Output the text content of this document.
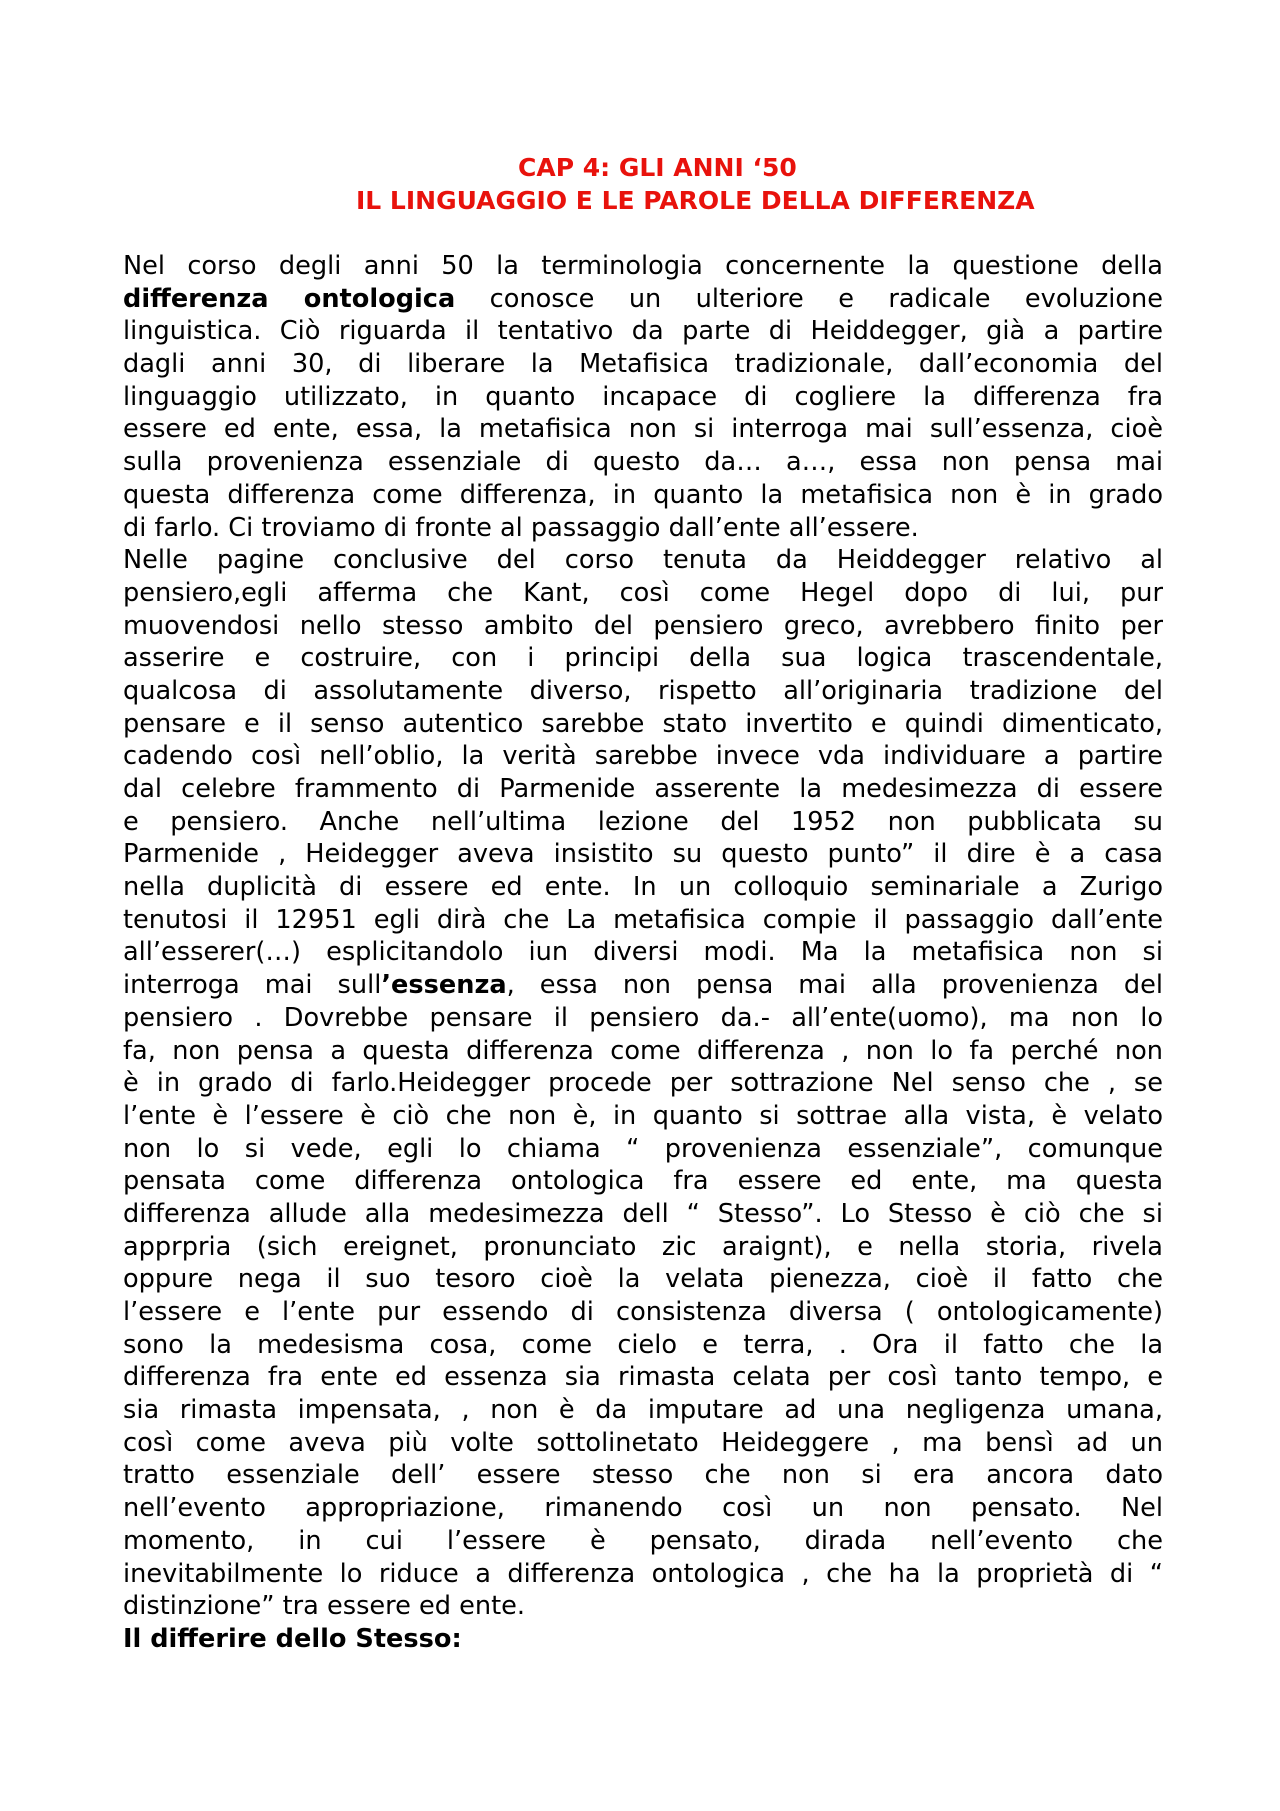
CAP 4: GLI ANNI ‘50
IL LINGUAGGIO E LE PAROLE DELLA DIFFERENZA
Nel corso degli anni 50 la terminologia concernente la questione della
differenza ontologica conosce un ulteriore e radicale evoluzione
linguistica. Ciò riguarda il tentativo da parte di Heiddegger, già a partire
dagli anni 30, di liberare la Metafisica tradizionale, dall’economia del
linguaggio utilizzato, in quanto incapace di cogliere la differenza fra
essere ed ente, essa, la metafisica non si interroga mai sull’essenza, cioè
sulla provenienza essenziale di questo da… a…, essa non pensa mai
questa differenza come differenza, in quanto la metafisica non è in grado
di farlo. Ci troviamo di fronte al passaggio dall’ente all’essere.
Nelle pagine conclusive del corso tenuta da Heiddegger relativo al
pensiero,egli afferma che Kant, così come Hegel dopo di lui, pur
muovendosi nello stesso ambito del pensiero greco, avrebbero finito per
asserire e costruire, con i principi della sua logica trascendentale,
qualcosa di assolutamente diverso, rispetto all’originaria tradizione del
pensare e il senso autentico sarebbe stato invertito e quindi dimenticato,
cadendo così nell’oblio, la verità sarebbe invece vda individuare a partire
dal celebre frammento di Parmenide asserente la medesimezza di essere
e pensiero. Anche nell’ultima lezione del 1952 non pubblicata su
Parmenide , Heidegger aveva insistito su questo punto” il dire è a casa
nella duplicità di essere ed ente. In un colloquio seminariale a Zurigo
tenutosi il 12951 egli dirà che La metafisica compie il passaggio dall’ente
all’esserer(…) esplicitandolo iun diversi modi. Ma la metafisica non si
interroga mai sull’essenza, essa non pensa mai alla provenienza del
pensiero . Dovrebbe pensare il pensiero da.- all’ente(uomo), ma non lo
fa, non pensa a questa differenza come differenza , non lo fa perché non
è in grado di farlo.Heidegger procede per sottrazione Nel senso che , se
l’ente è l’essere è ciò che non è, in quanto si sottrae alla vista, è velato
non lo si vede, egli lo chiama “ provenienza essenziale”, comunque
pensata come differenza ontologica fra essere ed ente, ma questa
differenza allude alla medesimezza dell “ Stesso”. Lo Stesso è ciò che si
apprpria (sich ereignet, pronunciato zic araignt), e nella storia, rivela
oppure nega il suo tesoro cioè la velata pienezza, cioè il fatto che
l’essere e l’ente pur essendo di consistenza diversa ( ontologicamente)
sono la medesisma cosa, come cielo e terra, . Ora il fatto che la
differenza fra ente ed essenza sia rimasta celata per così tanto tempo, e
sia rimasta impensata, , non è da imputare ad una negligenza umana,
così come aveva più volte sottolinetato Heideggere , ma bensì ad un
tratto essenziale dell’ essere stesso che non si era ancora dato
nell’evento appropriazione, rimanendo così un non pensato. Nel
momento, in cui l’essere è pensato, dirada nell’evento che
inevitabilmente lo riduce a differenza ontologica , che ha la proprietà di “
distinzione” tra essere ed ente.
Il differire dello Stesso:
